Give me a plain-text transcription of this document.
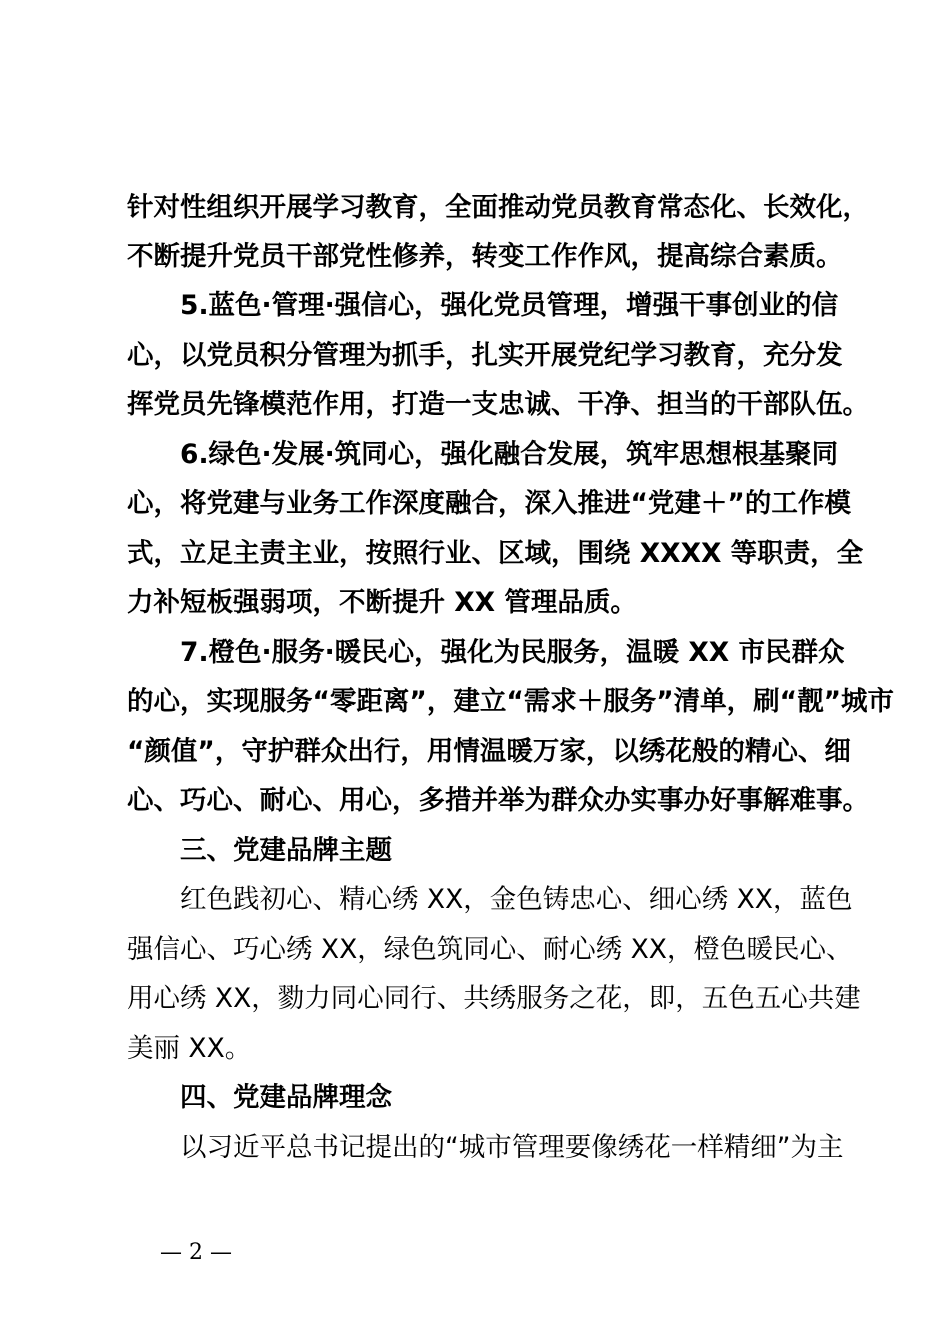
针对性组织开展学习教育，全面推动党员教育常态化、长效化，
不断提升党员干部党性修养，转变工作作风，提高综合素质。
5.蓝色·管理·强信心，强化党员管理，增强干事创业的信
心，以党员积分管理为抓手，扎实开展党纪学习教育，充分发
挥党员先锋模范作用，打造一支忠诚、干净、担当的干部队伍。
6.绿色·发展·筑同心，强化融合发展，筑牢思想根基聚同
心，将党建与业务工作深度融合，深入推进“党建＋”的工作模
式，立足主责主业，按照行业、区域，围绕 XXXX 等职责，全
力补短板强弱项，不断提升 XX 管理品质。
7.橙色·服务·暖民心，强化为民服务，温暖 XX 市民群众
的心，实现服务“零距离”，建立“需求＋服务”清单，刷“靓”城市
“颜值”，守护群众出行，用情温暖万家，以绣花般的精心、细
心、巧心、耐心、用心，多措并举为群众办实事办好事解难事。
三、党建品牌主题
红色践初心、精心绣 XX，金色铸忠心、细心绣 XX，蓝色
强信心、巧心绣 XX，绿色筑同心、耐心绣 XX，橙色暖民心、
用心绣 XX，勠力同心同行、共绣服务之花，即，五色五心共建
美丽 XX。
四、党建品牌理念
以习近平总书记提出的“城市管理要像绣花一样精细”为主
— 2 —
